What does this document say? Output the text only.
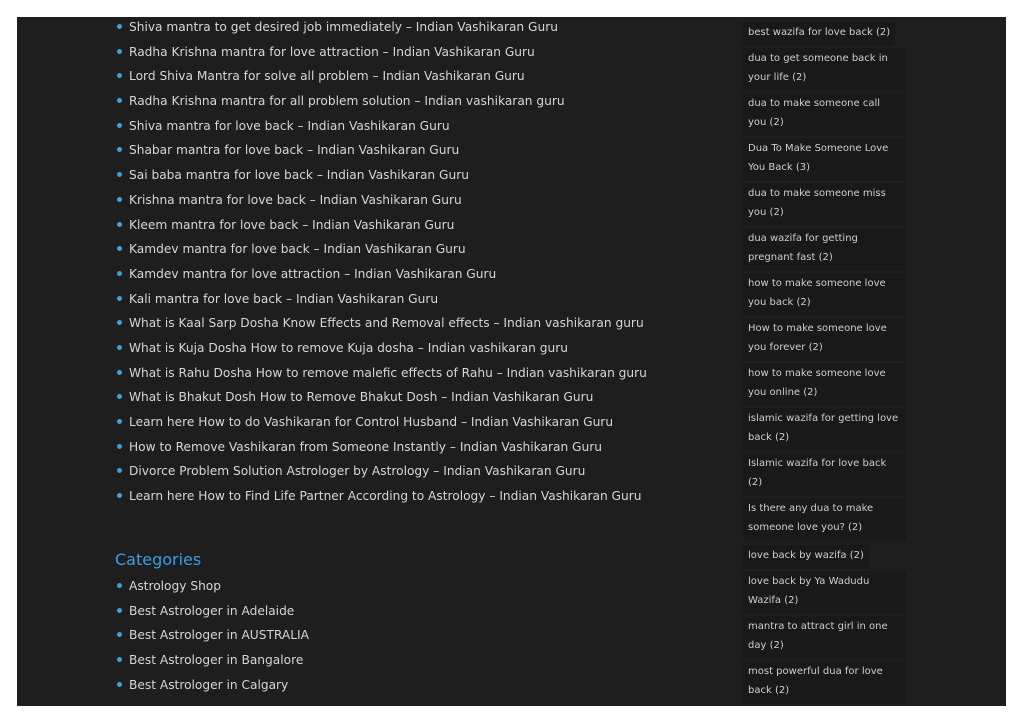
Shiva mantra to get desired job immediately – Indian Vashikaran Guru
Radha Krishna mantra for love attraction – Indian Vashikaran Guru
Lord Shiva Mantra for solve all problem – Indian Vashikaran Guru
Radha Krishna mantra for all problem solution – Indian vashikaran guru
Shiva mantra for love back – Indian Vashikaran Guru
Shabar mantra for love back – Indian Vashikaran Guru
Sai baba mantra for love back – Indian Vashikaran Guru
Krishna mantra for love back – Indian Vashikaran Guru
Kleem mantra for love back – Indian Vashikaran Guru
Kamdev mantra for love back – Indian Vashikaran Guru
Kamdev mantra for love attraction – Indian Vashikaran Guru
Kali mantra for love back – Indian Vashikaran Guru
What is Kaal Sarp Dosha Know Effects and Removal effects – Indian vashikaran guru
What is Kuja Dosha How to remove Kuja dosha – Indian vashikaran guru
What is Rahu Dosha How to remove malefic effects of Rahu – Indian vashikaran guru
What is Bhakut Dosh How to Remove Bhakut Dosh – Indian Vashikaran Guru
Learn here How to do Vashikaran for Control Husband – Indian Vashikaran Guru
How to Remove Vashikaran from Someone Instantly – Indian Vashikaran Guru
Divorce Problem Solution Astrologer by Astrology – Indian Vashikaran Guru
Learn here How to Find Life Partner According to Astrology – Indian Vashikaran Guru
Categories
Astrology Shop
Best Astrologer in Adelaide
Best Astrologer in AUSTRALIA
Best Astrologer in Bangalore
Best Astrologer in Calgary
best wazifa for love back (2) dua to get someone back in your life (2) dua to make someone call you (2) Dua To Make Someone Love You Back (3) dua to make someone miss you (2) dua wazifa for getting pregnant fast (2) how to make someone love you back (2) How to make someone love you forever (2) how to make someone love you online (2) islamic wazifa for getting love back (2) Islamic wazifa for love back (2) Is there any dua to make someone love you? (2) love back by wazifa (2) love back by Ya Wadudu Wazifa (2) mantra to attract girl in one day (2) most powerful dua for love back (2)
